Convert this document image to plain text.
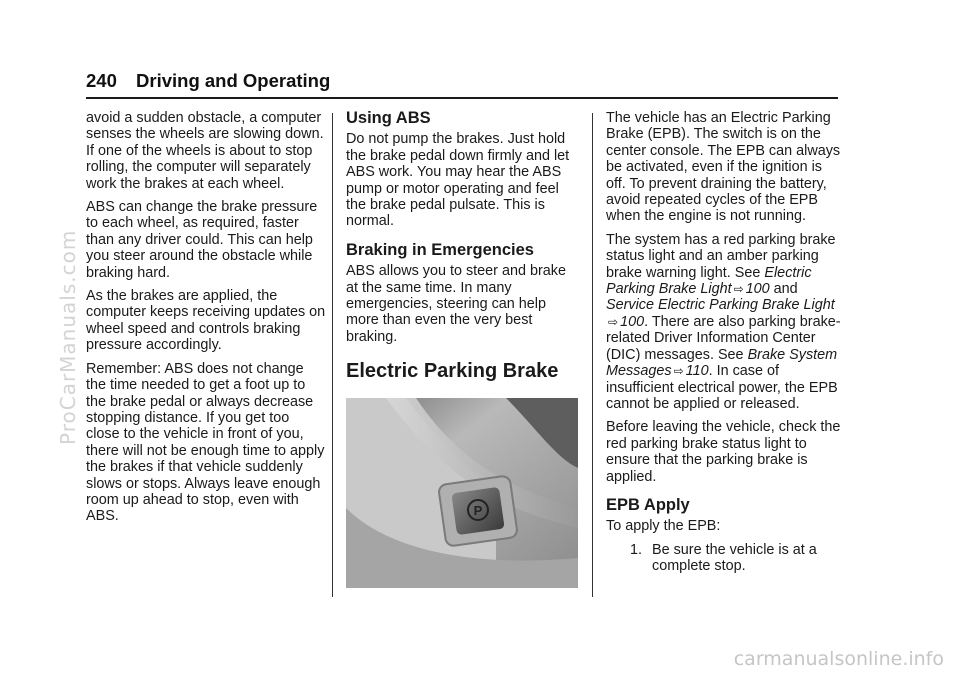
240 Driving and Operating

avoid a sudden obstacle, a computer senses the wheels are slowing down. If one of the wheels is about to stop rolling, the computer will separately work the brakes at each wheel.

ABS can change the brake pressure to each wheel, as required, faster than any driver could. This can help you steer around the obstacle while braking hard.

As the brakes are applied, the computer keeps receiving updates on wheel speed and controls braking pressure accordingly.

Remember: ABS does not change the time needed to get a foot up to the brake pedal or always decrease stopping distance. If you get too close to the vehicle in front of you, there will not be enough time to apply the brakes if that vehicle suddenly slows or stops. Always leave enough room up ahead to stop, even with ABS.

Using ABS

Do not pump the brakes. Just hold the brake pedal down firmly and let ABS work. You may hear the ABS pump or motor operating and feel the brake pedal pulsate. This is normal.

Braking in Emergencies

ABS allows you to steer and brake at the same time. In many emergencies, steering can help more than even the very best braking.

Electric Parking Brake
P

The vehicle has an Electric Parking Brake (EPB). The switch is on the center console. The EPB can always be activated, even if the ignition is off. To prevent draining the battery, avoid repeated cycles of the EPB when the engine is not running.

The system has a red parking brake status light and an amber parking brake warning light. See Electric Parking Brake Light ⇨ 100 and Service Electric Parking Brake Light ⇨ 100. There are also parking brake-related Driver Information Center (DIC) messages. See Brake System Messages ⇨ 110. In case of insufficient electrical power, the EPB cannot be applied or released.

Before leaving the vehicle, check the red parking brake status light to ensure that the parking brake is applied.

EPB Apply

To apply the EPB:

1. Be sure the vehicle is at a complete stop.
ProCarManuals.com
carmanualsonline.info
